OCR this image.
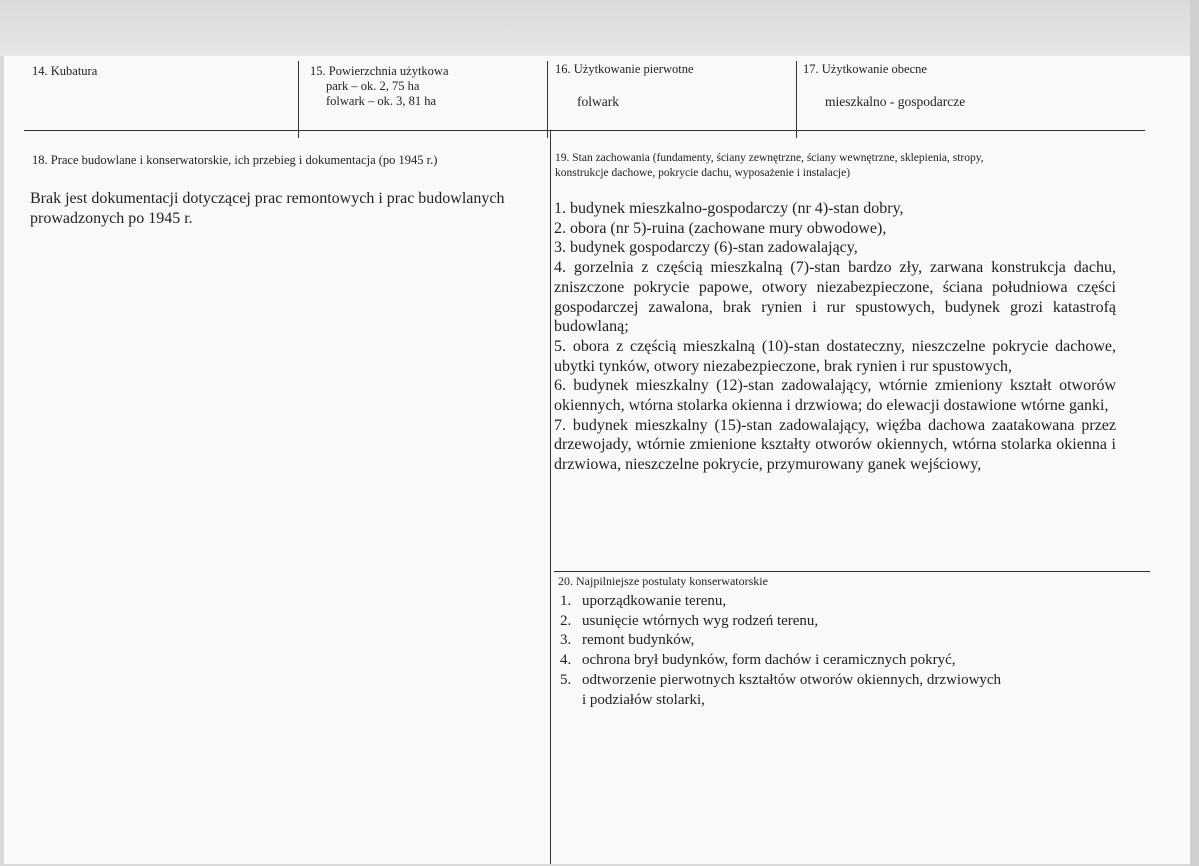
14. Kubatura	15. Powierzchnia użytkowa
park – ok. 2, 75 ha
folwark – ok. 3, 81 ha
16. Użytkowanie pierwotne
folwark
17. Użytkowanie obecne
mieszkalno - gospodarcze
18. Prace budowlane i konserwatorskie, ich przebieg i dokumentacja (po 1945 r.)
Brak jest dokumentacji dotyczącej prac remontowych i prac budowlanych
prowadzonych po 1945 r.
19. Stan zachowania (fundamenty, ściany zewnętrzne, ściany wewnętrzne, sklepienia, stropy,
konstrukcje dachowe, pokrycie dachu, wyposażenie i instalacje)

1. budynek mieszkalno-gospodarczy (nr 4)-stan dobry,

2. obora (nr 5)-ruina (zachowane mury obwodowe),

3. budynek gospodarczy (6)-stan zadowalający,

4. gorzelnia z częścią mieszkalną (7)-stan bardzo zły, zarwana konstrukcja dachu, zniszczone pokrycie papowe, otwory niezabezpieczone, ściana południowa części gospodarczej zawalona, brak rynien i rur spustowych, budynek grozi katastrofą budowlaną;

5. obora z częścią mieszkalną (10)-stan dostateczny, nieszczelne pokrycie dachowe, ubytki tynków, otwory niezabezpieczone, brak rynien i rur spustowych,

6. budynek mieszkalny (12)-stan zadowalający, wtórnie zmieniony kształt otworów okiennych, wtórna stolarka okienna i drzwiowa; do elewacji dostawione wtórne ganki,

7. budynek mieszkalny (15)-stan zadowalający, więźba dachowa zaatakowana przez drzewojady, wtórnie zmienione kształty otworów okiennych, wtórna stolarka okienna i drzwiowa, nieszczelne pokrycie, przymurowany ganek wejściowy,

20. Najpilniejsze postulaty konserwatorskie
1. uporządkowanie terenu,
2. usunięcie wtórnych wyg rodzeń terenu,
3. remont budynków,
4. ochrona brył budynków, form dachów i ceramicznych pokryć,
5. odtworzenie pierwotnych kształtów otworów okiennych, drzwiowych
i podziałów stolarki,
